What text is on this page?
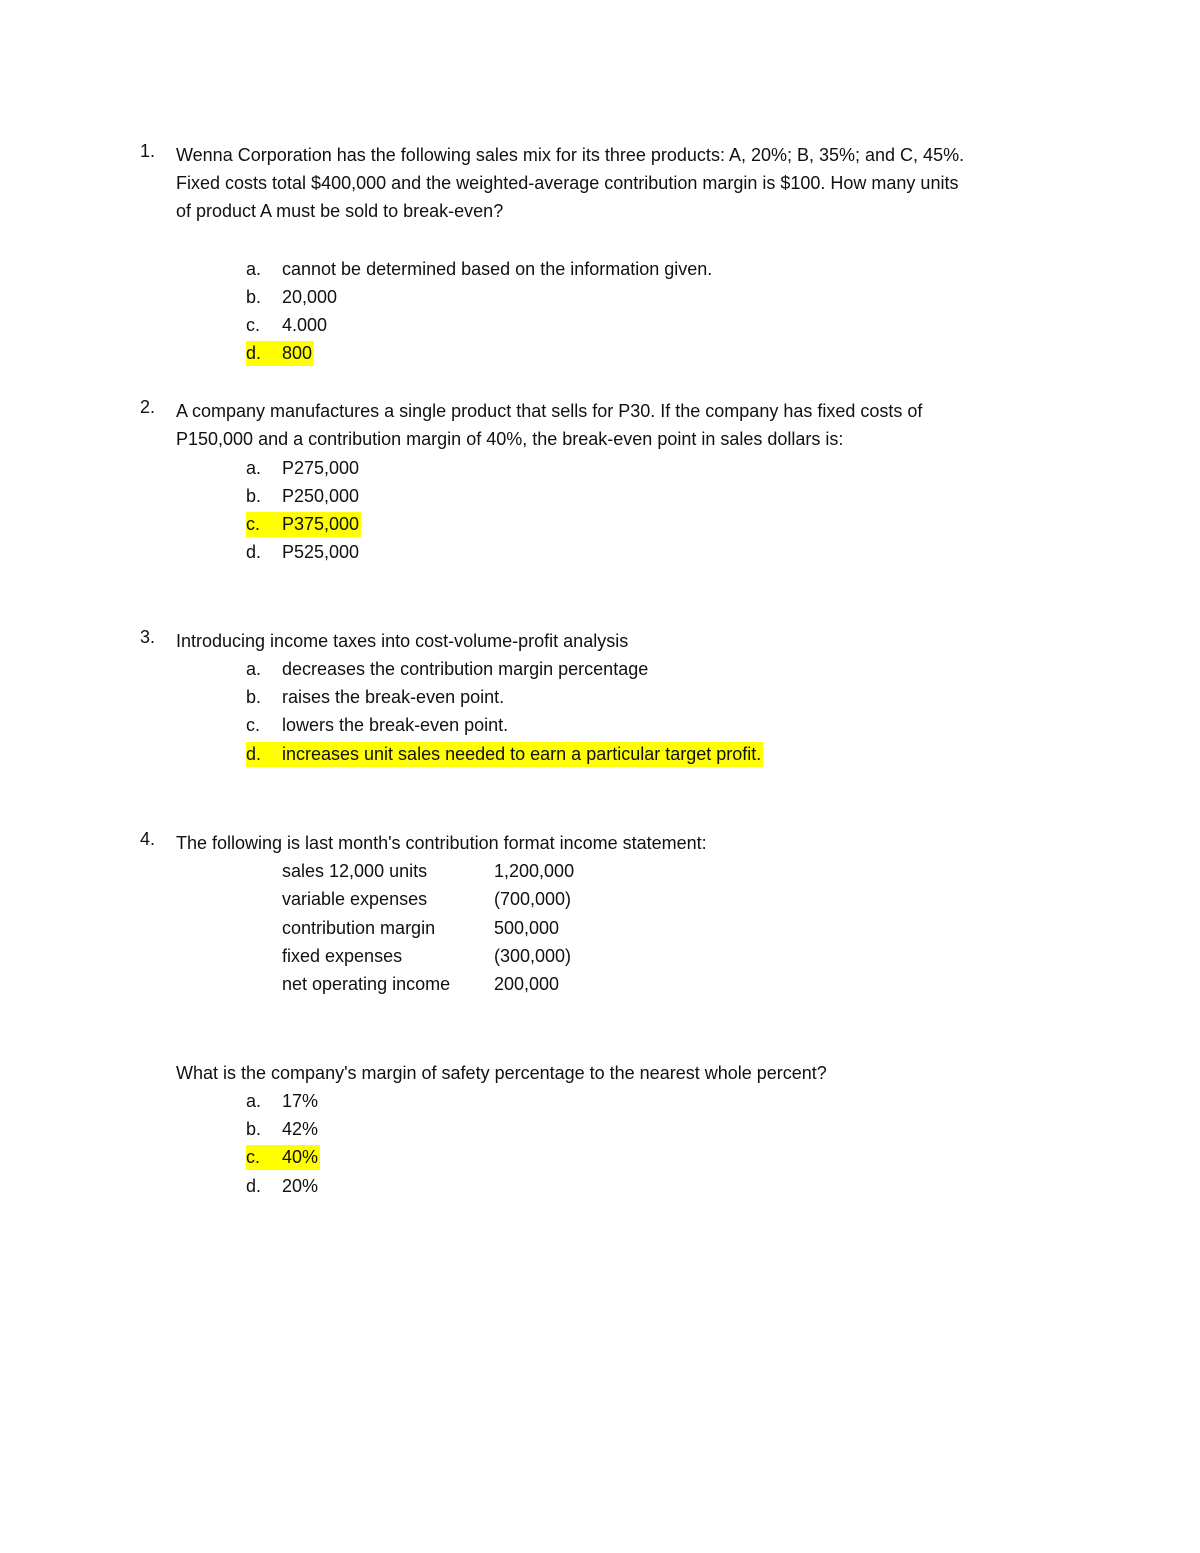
1.	Wenna Corporation has the following sales mix for its three products: A, 20%; B, 35%; and C, 45%.
Fixed costs total $400,000 and the weighted-average contribution margin is $100. How many units
of product A must be sold to break-even?
a. cannot be determined based on the information given.
b. 20,000
c. 4.000
d. 800
2.	A company manufactures a single product that sells for P30. If the company has fixed costs of
P150,000 and a contribution margin of 40%, the break-even point in sales dollars is:
a. P275,000
b. P250,000
c. P375,000
d. P525,000
3.	Introducing income taxes into cost-volume-profit analysis
a. decreases the contribution margin percentage
b. raises the break-even point.
c. lowers the break-even point.
d. increases unit sales needed to earn a particular target profit.
4.	The following is last month's contribution format income statement:
sales 12,000 units	1,200,000
variable expenses	(700,000)
contribution margin	500,000
fixed expenses	(300,000)
net operating income 200,000
What is the company's margin of safety percentage to the nearest whole percent?
a. 17%
b. 42%
c. 40%
d. 20%
